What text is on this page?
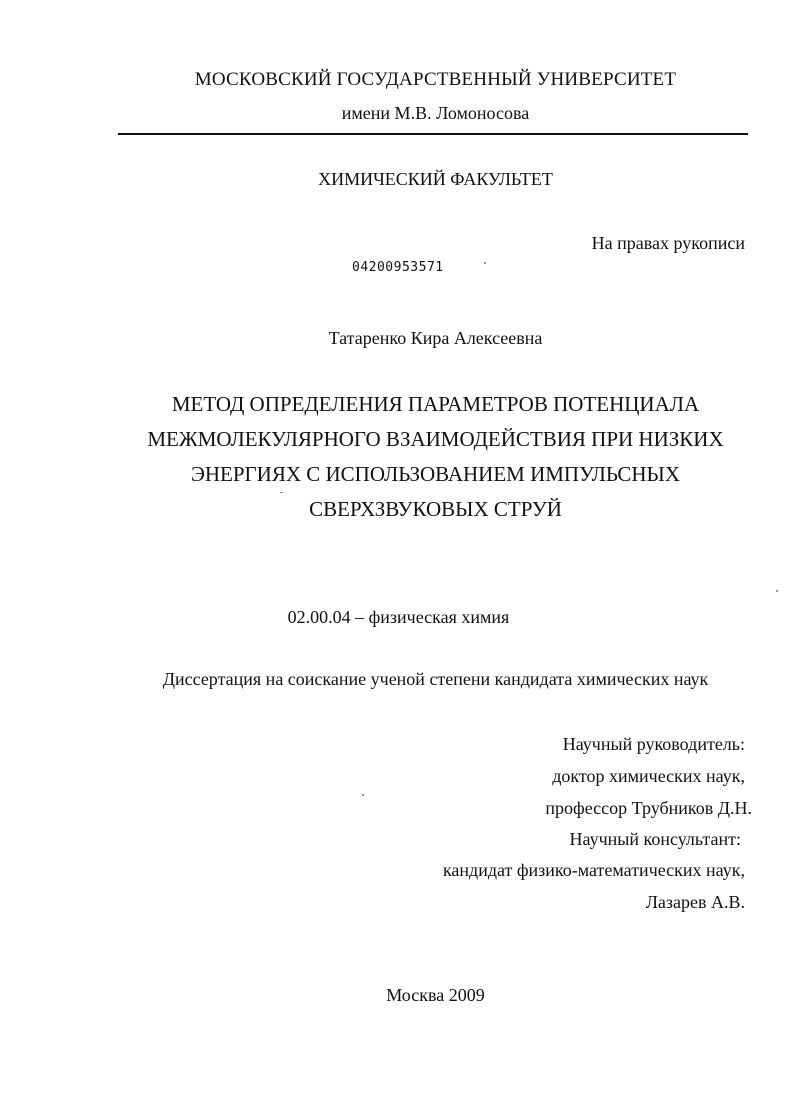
МОСКОВСКИЙ ГОСУДАРСТВЕННЫЙ УНИВЕРСИТЕТ
имени М.В. Ломоносова
ХИМИЧЕСКИЙ ФАКУЛЬТЕТ
На правах рукописи
04200953571
Татаренко Кира Алексеевна
МЕТОД ОПРЕДЕЛЕНИЯ ПАРАМЕТРОВ ПОТЕНЦИАЛА
МЕЖМОЛЕКУЛЯРНОГО ВЗАИМОДЕЙСТВИЯ ПРИ НИЗКИХ
ЭНЕРГИЯХ С ИСПОЛЬЗОВАНИЕМ ИМПУЛЬСНЫХ
СВЕРХЗВУКОВЫХ СТРУЙ
02.00.04 – физическая химия
Диссертация на соискание ученой степени кандидата химических наук
Научный руководитель:
доктор химических наук,
профессор Трубников Д.Н.
Научный консультант:
кандидат физико-математических наук,
Лазарев А.В.
Москва 2009
